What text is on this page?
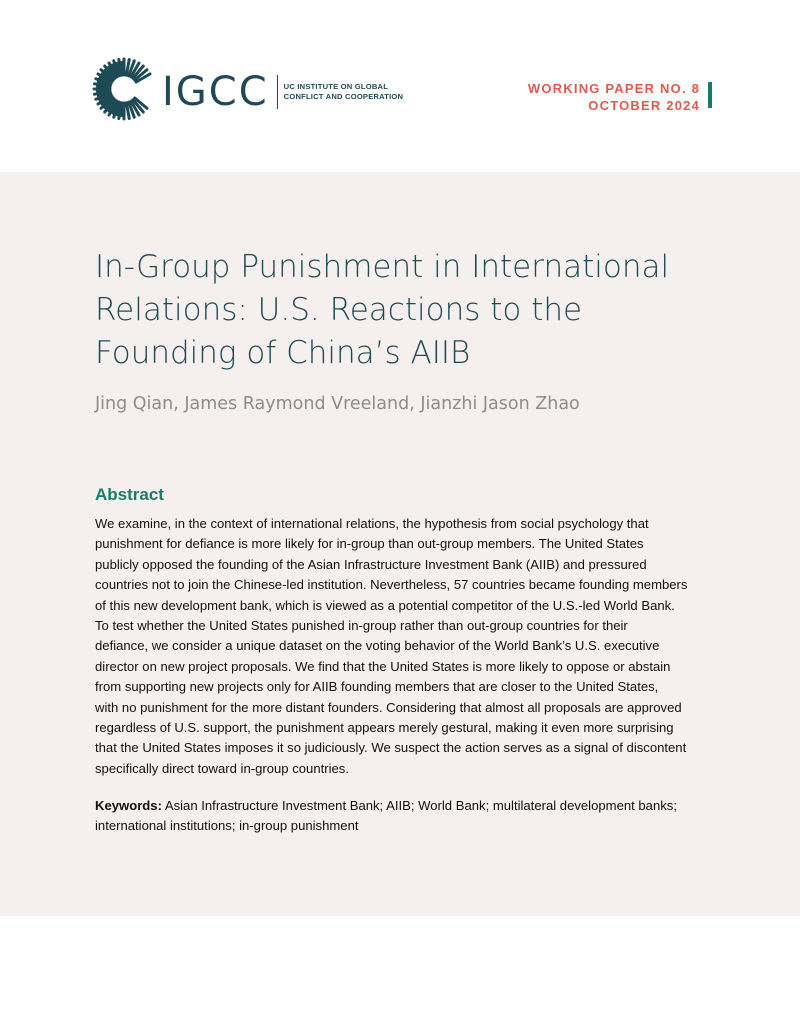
IGCC UC INSTITUTE ON GLOBAL
CONFLICT AND COOPERATION
WORKING PAPER NO. 8
OCTOBER 2024
In-Group Punishment in International
Relations: U.S. Reactions to the
Founding of China’s AIIB
Jing Qian, James Raymond Vreeland, Jianzhi Jason Zhao
Abstract
We examine, in the context of international relations, the hypothesis from social psychology that
punishment for defiance is more likely for in-group than out-group members. The United States
publicly opposed the founding of the Asian Infrastructure Investment Bank (AIIB) and pressured
countries not to join the Chinese-led institution. Nevertheless, 57 countries became founding members
of this new development bank, which is viewed as a potential competitor of the U.S.-led World Bank.
To test whether the United States punished in-group rather than out-group countries for their
defiance, we consider a unique dataset on the voting behavior of the World Bank’s U.S. executive
director on new project proposals. We find that the United States is more likely to oppose or abstain
from supporting new projects only for AIIB founding members that are closer to the United States,
with no punishment for the more distant founders. Considering that almost all proposals are approved
regardless of U.S. support, the punishment appears merely gestural, making it even more surprising
that the United States imposes it so judiciously. We suspect the action serves as a signal of discontent
specifically direct toward in-group countries.
Keywords: Asian Infrastructure Investment Bank; AIIB; World Bank; multilateral development banks;
international institutions; in-group punishment
